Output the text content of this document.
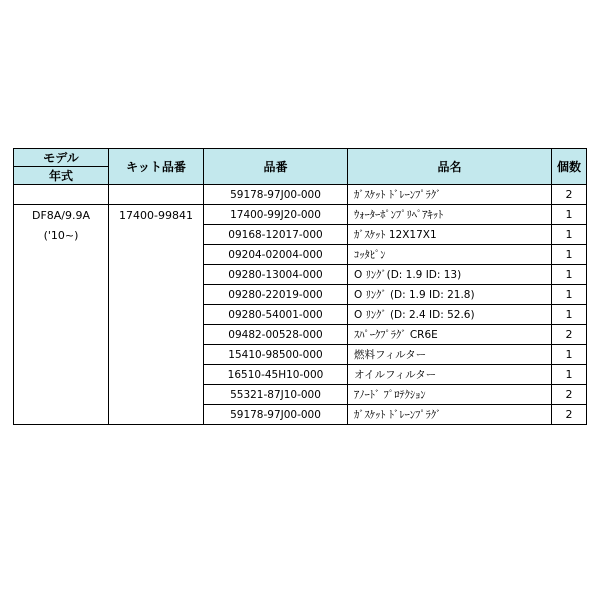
モデル	キット品番	品番	品名	個数
年式				
		59178-97J00-000	ｶﾞｽｹｯﾄ ﾄﾞﾚｰﾝﾌﾟﾗｸﾞ	2

DF8A/9.9A
('10~)	17400-99841	17400-99J20-000	ｳｫｰﾀｰﾎﾟﾝﾌﾟﾘﾍﾟｱｷｯﾄ	1
		09168-12017-000	ｶﾞｽｹｯﾄ 12X17X1	1
		09204-02004-000	ｺｯﾀﾋﾟﾝ	1
		09280-13004-000	O ﾘﾝｸﾞ(D: 1.9 ID: 13)	1
		09280-22019-000	O ﾘﾝｸﾞ (D: 1.9 ID: 21.8)	1
		09280-54001-000	O ﾘﾝｸﾞ (D: 2.4 ID: 52.6)	1
		09482-00528-000	ｽﾊﾟｰｸﾌﾟﾗｸﾞ CR6E	2
		15410-98500-000	燃料フィルター	1
		16510-45H10-000	オイルフィルター	1
		55321-87J10-000	ｱﾉｰﾄﾞ ﾌﾟﾛﾃｸｼｮﾝ	2
		59178-97J00-000	ｶﾞｽｹｯﾄ ﾄﾞﾚｰﾝﾌﾟﾗｸﾞ	2
